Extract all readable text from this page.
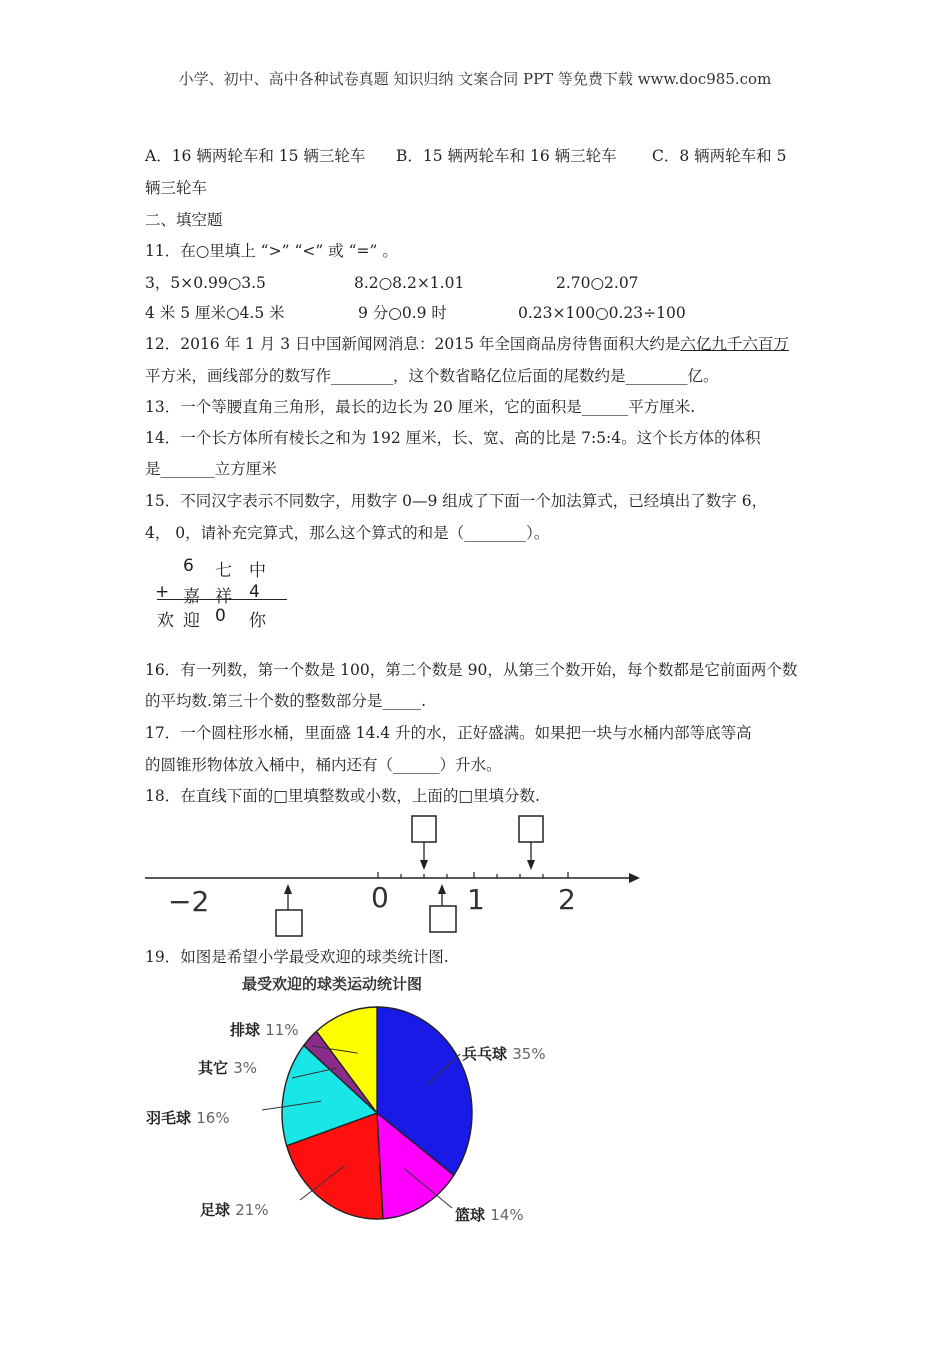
小学、初中、高中各种试卷真题 知识归纳 文案合同 PPT 等免费下载 www.doc985.com
A．16 辆两轮车和 15 辆三轮车 B．15 辆两轮车和 16 辆三轮车 C．8 辆两轮车和 5
辆三轮车
二、填空题
11．在○里填上 “>” “<” 或 “=” 。
3，5×0.99○3.5	8.2○8.2×1.01	2.70○2.07
4 米 5 厘米○4.5 米	9 分○0.9 时	0.23×100○0.23÷100
12．2016 年 1 月 3 日中国新闻网消息：2015 年全国商品房待售面积大约是六亿九千六百万
平方米，画线部分的数写作________，这个数省略亿位后面的尾数约是________亿。
13．一个等腰直角三角形，最长的边长为 20 厘米，它的面积是______平方厘米.
14．一个长方体所有棱长之和为 192 厘米，长、宽、高的比是 7:5:4。这个长方体的体积
是_______立方厘米
15．不同汉字表示不同数字，用数字 0—9 组成了下面一个加法算式，已经填出了数字 6，
4， 0，请补充完算式，那么这个算式的和是（________）。
6 七 中
+ 嘉 祥 4
欢 迎 0 你
16．有一列数，第一个数是 100，第二个数是 90，从第三个数开始，每个数都是它前面两个数
的平均数.第三十个数的整数部分是_____.
17．一个圆柱形水桶，里面盛 14.4 升的水，正好盛满。如果把一块与水桶内部等底等高
的圆锥形物体放入桶中，桶内还有（______）升水。
18．在直线下面的□里填整数或小数，上面的□里填分数.
−2	0	1	2
19．如图是希望小学最受欢迎的球类统计图.
最受欢迎的球类运动统计图
兵乓球 35%
篮球 14%
足球 21%
羽毛球 16%
其它 3%
排球 11%
